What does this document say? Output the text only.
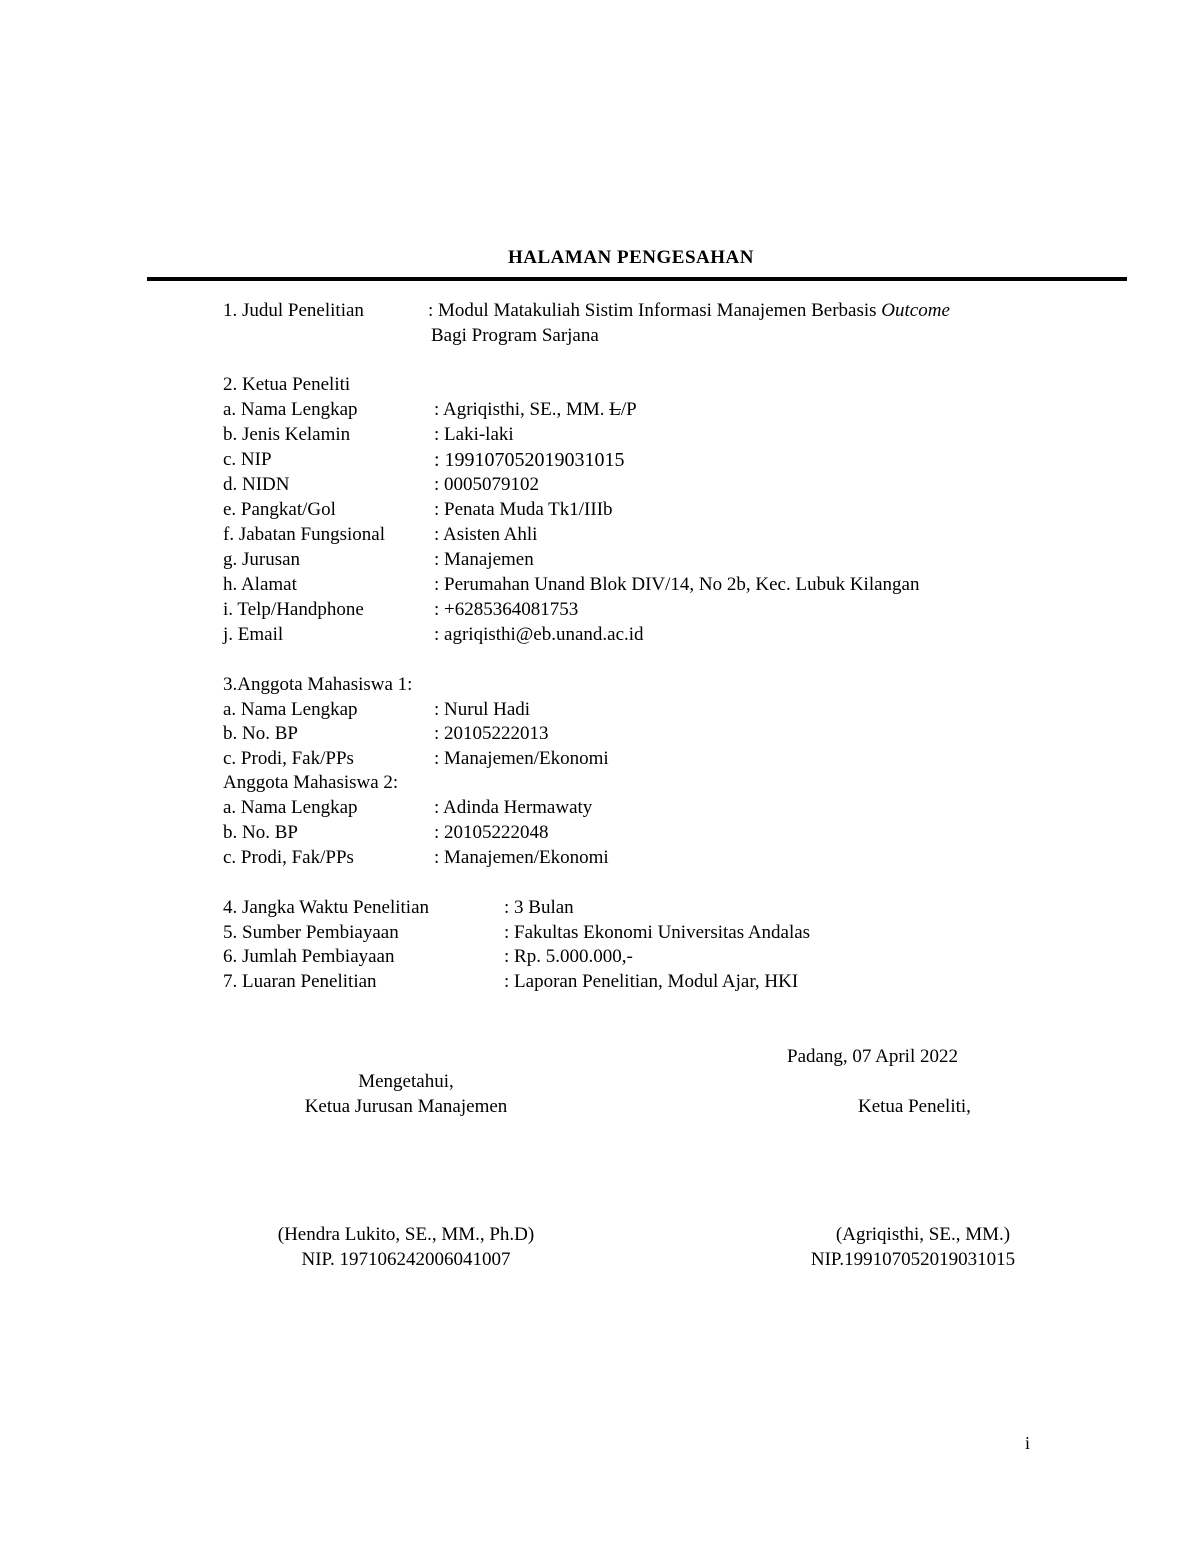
HALAMAN PENGESAHAN
1. Judul Penelitian	: Modul Matakuliah Sistim Informasi Manajemen Berbasis Outcome
Bagi Program Sarjana
2. Ketua Peneliti
a. Nama Lengkap	: Agriqisthi, SE., MM. L/P
b. Jenis Kelamin	: Laki-laki
c. NIP	: 199107052019031015
d. NIDN	: 0005079102
e. Pangkat/Gol	: Penata Muda Tk1/IIIb
f. Jabatan Fungsional	: Asisten Ahli
g. Jurusan	: Manajemen
h. Alamat	: Perumahan Unand Blok DIV/14, No 2b, Kec. Lubuk Kilangan
i. Telp/Handphone	: +6285364081753
j. Email	: agriqisthi@eb.unand.ac.id
3.Anggota Mahasiswa 1:
a. Nama Lengkap	: Nurul Hadi
b. No. BP	: 20105222013
c. Prodi, Fak/PPs	: Manajemen/Ekonomi
Anggota Mahasiswa 2:
a. Nama Lengkap	: Adinda Hermawaty
b. No. BP	: 20105222048
c. Prodi, Fak/PPs	: Manajemen/Ekonomi
4. Jangka Waktu Penelitian	: 3 Bulan
5. Sumber Pembiayaan	: Fakultas Ekonomi Universitas Andalas
6. Jumlah Pembiayaan	: Rp. 5.000.000,-
7. Luaran Penelitian	: Laporan Penelitian, Modul Ajar, HKI
Padang, 07 April 2022
Mengetahui,
Ketua Jurusan Manajemen	Ketua Peneliti,
(Hendra Lukito, SE., MM., Ph.D)
NIP. 197106242006041007
(Agriqisthi, SE., MM.)
NIP.199107052019031015
i
